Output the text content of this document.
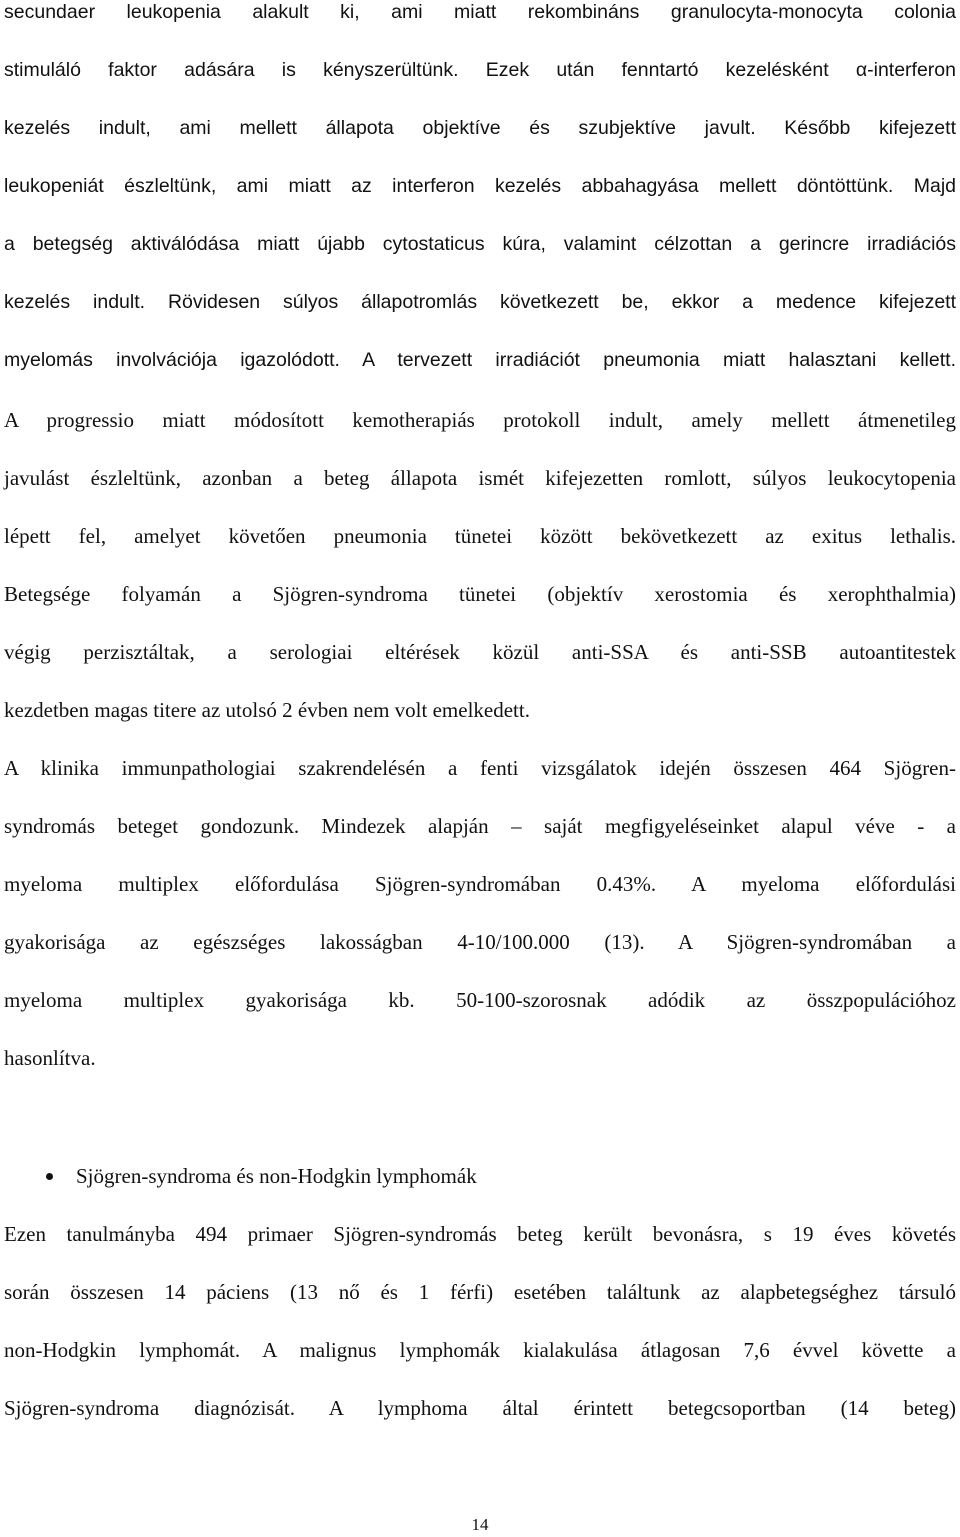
secundaer leukopenia alakult ki, ami miatt rekombináns granulocyta-monocyta colonia
stimuláló faktor adására is kényszerültünk. Ezek után fenntartó kezelésként α-interferon
kezelés indult, ami mellett állapota objektíve és szubjektíve javult. Később kifejezett
leukopeniát észleltünk, ami miatt az interferon kezelés abbahagyása mellett döntöttünk. Majd
a betegség aktiválódása miatt újabb cytostaticus kúra, valamint célzottan a gerincre irradiációs
kezelés indult. Rövidesen súlyos állapotromlás következett be, ekkor a medence kifejezett
myelomás involvációja igazolódott. A tervezett irradiációt pneumonia miatt halasztani kellett.
A progressio miatt módosított kemotherapiás protokoll indult, amely mellett átmenetileg
javulást észleltünk, azonban a beteg állapota ismét kifejezetten romlott, súlyos leukocytopenia
lépett fel, amelyet követően pneumonia tünetei között bekövetkezett az exitus lethalis.
Betegsége folyamán a Sjögren-syndroma tünetei (objektív xerostomia és xerophthalmia)
végig perzisztáltak, a serologiai eltérések közül anti-SSA és anti-SSB autoantitestek
kezdetben magas titere az utolsó 2 évben nem volt emelkedett.
A klinika immunpathologiai szakrendelésén a fenti vizsgálatok idején összesen 464 Sjögren-
syndromás beteget gondozunk. Mindezek alapján – saját megfigyeléseinket alapul véve - a
myeloma multiplex előfordulása Sjögren-syndromában 0.43%. A myeloma előfordulási
gyakorisága az egészséges lakosságban 4-10/100.000 (13). A Sjögren-syndromában a
myeloma multiplex gyakorisága kb. 50-100-szorosnak adódik az összpopulációhoz
hasonlítva.
Sjögren-syndroma és non-Hodgkin lymphomák
Ezen tanulmányba 494 primaer Sjögren-syndromás beteg került bevonásra, s 19 éves követés
során összesen 14 páciens (13 nő és 1 férfi) esetében találtunk az alapbetegséghez társuló
non-Hodgkin lymphomát. A malignus lymphomák kialakulása átlagosan 7,6 évvel követte a
Sjögren-syndroma diagnózisát. A lymphoma által érintett betegcsoportban (14 beteg)
14
